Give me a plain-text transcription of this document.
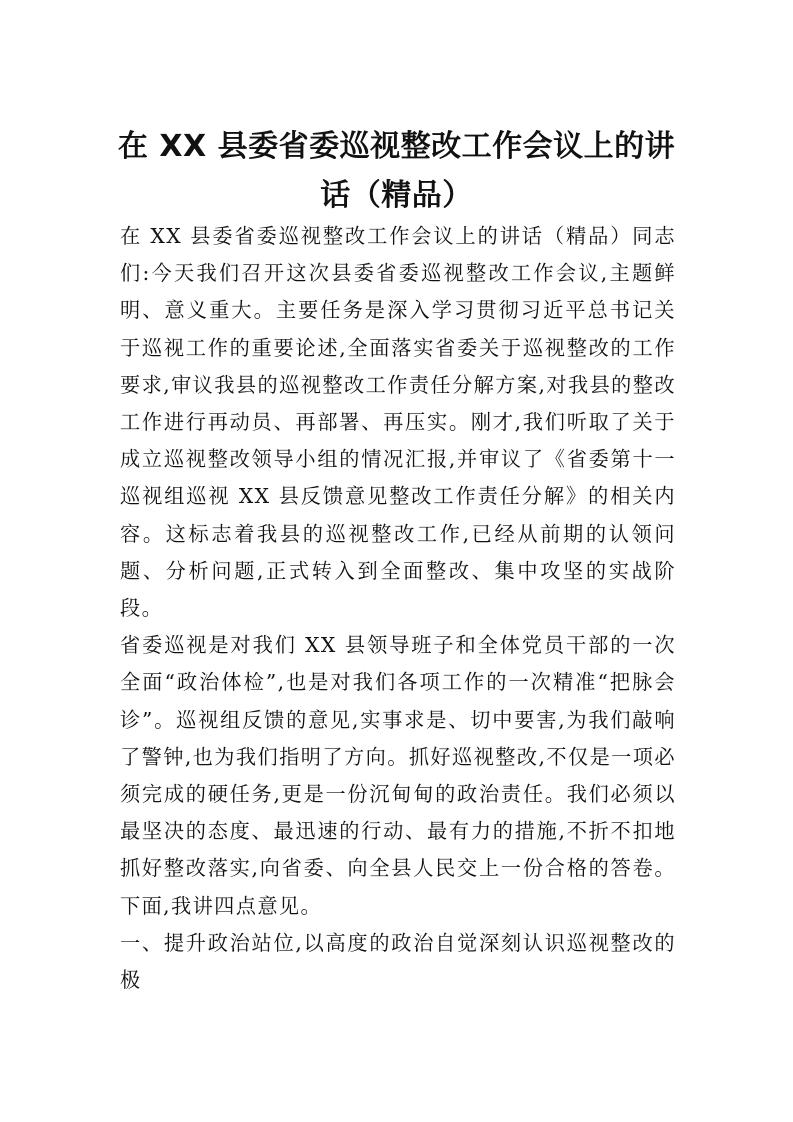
在 XX 县委省委巡视整改工作会议上的讲话（精品）

在 XX 县委省委巡视整改工作会议上的讲话（精品）同志们:今天我们召开这次县委省委巡视整改工作会议,主题鲜明、意义重大。主要任务是深入学习贯彻习近平总书记关于巡视工作的重要论述,全面落实省委关于巡视整改的工作要求,审议我县的巡视整改工作责任分解方案,对我县的整改工作进行再动员、再部署、再压实。刚才,我们听取了关于成立巡视整改领导小组的情况汇报,并审议了《省委第十一巡视组巡视 XX 县反馈意见整改工作责任分解》的相关内容。这标志着我县的巡视整改工作,已经从前期的认领问题、分析问题,正式转入到全面整改、集中攻坚的实战阶段。

省委巡视是对我们 XX 县领导班子和全体党员干部的一次全面“政治体检”,也是对我们各项工作的一次精准“把脉会诊”。巡视组反馈的意见,实事求是、切中要害,为我们敲响了警钟,也为我们指明了方向。抓好巡视整改,不仅是一项必须完成的硬任务,更是一份沉甸甸的政治责任。我们必须以最坚决的态度、最迅速的行动、最有力的措施,不折不扣地抓好整改落实,向省委、向全县人民交上一份合格的答卷。下面,我讲四点意见。

一、提升政治站位,以高度的政治自觉深刻认识巡视整改的极
